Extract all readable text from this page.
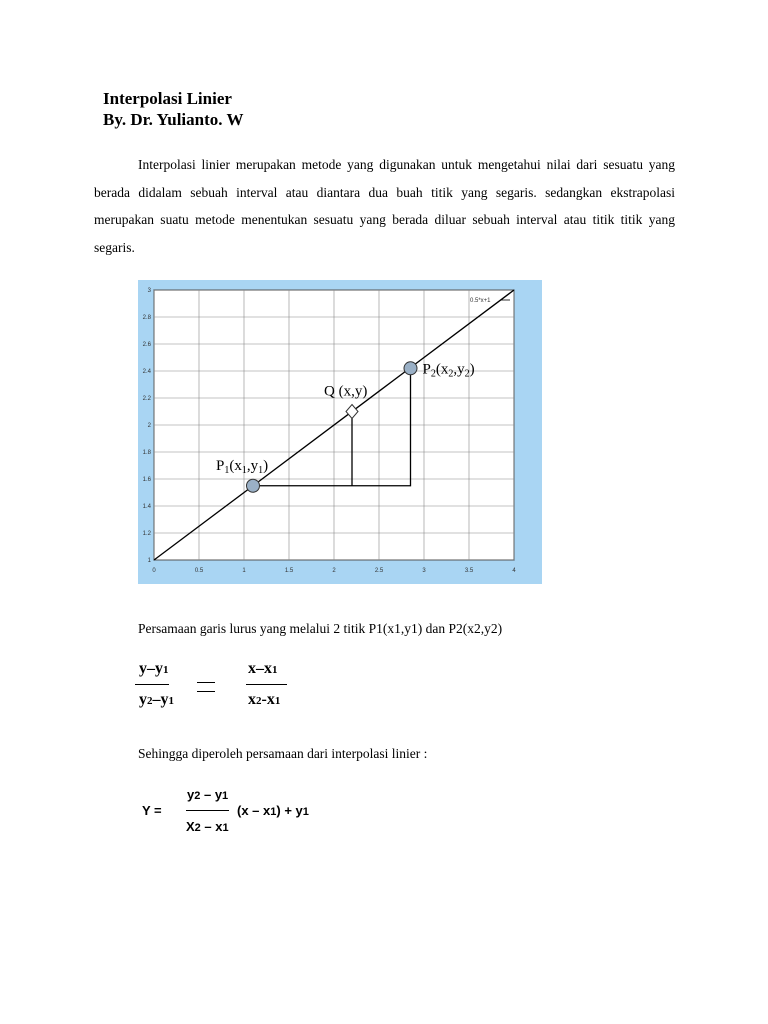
Interpolasi Linier
By. Dr. Yulianto. W

Interpolasi linier merupakan metode yang digunakan untuk mengetahui nilai dari sesuatu yang berada didalam sebuah interval atau diantara dua buah titik yang segaris. sedangkan ekstrapolasi merupakan suatu metode menentukan sesuatu yang berada diluar sebuah interval atau titik titik yang segaris.

0	0.5	1	1.5	2	2.5	3	3.5	4
1
1.2
1.4
1.6
1.8
2
2.2
2.4
2.6
2.8
3
0.5*x+1
$P_1(x_1,y_1)$
Q (x,y)
$P_2(x_2,y_2)$
Persamaan garis lurus yang melalui 2 titik P1(x1,y1) dan P2(x2,y2)
y–y1
y2–y1
x–x1
x2-x1
Sehingga diperoleh persamaan dari interpolasi linier :
Y =
y2 – y1
X2 – x1
(x – x1) + y1
